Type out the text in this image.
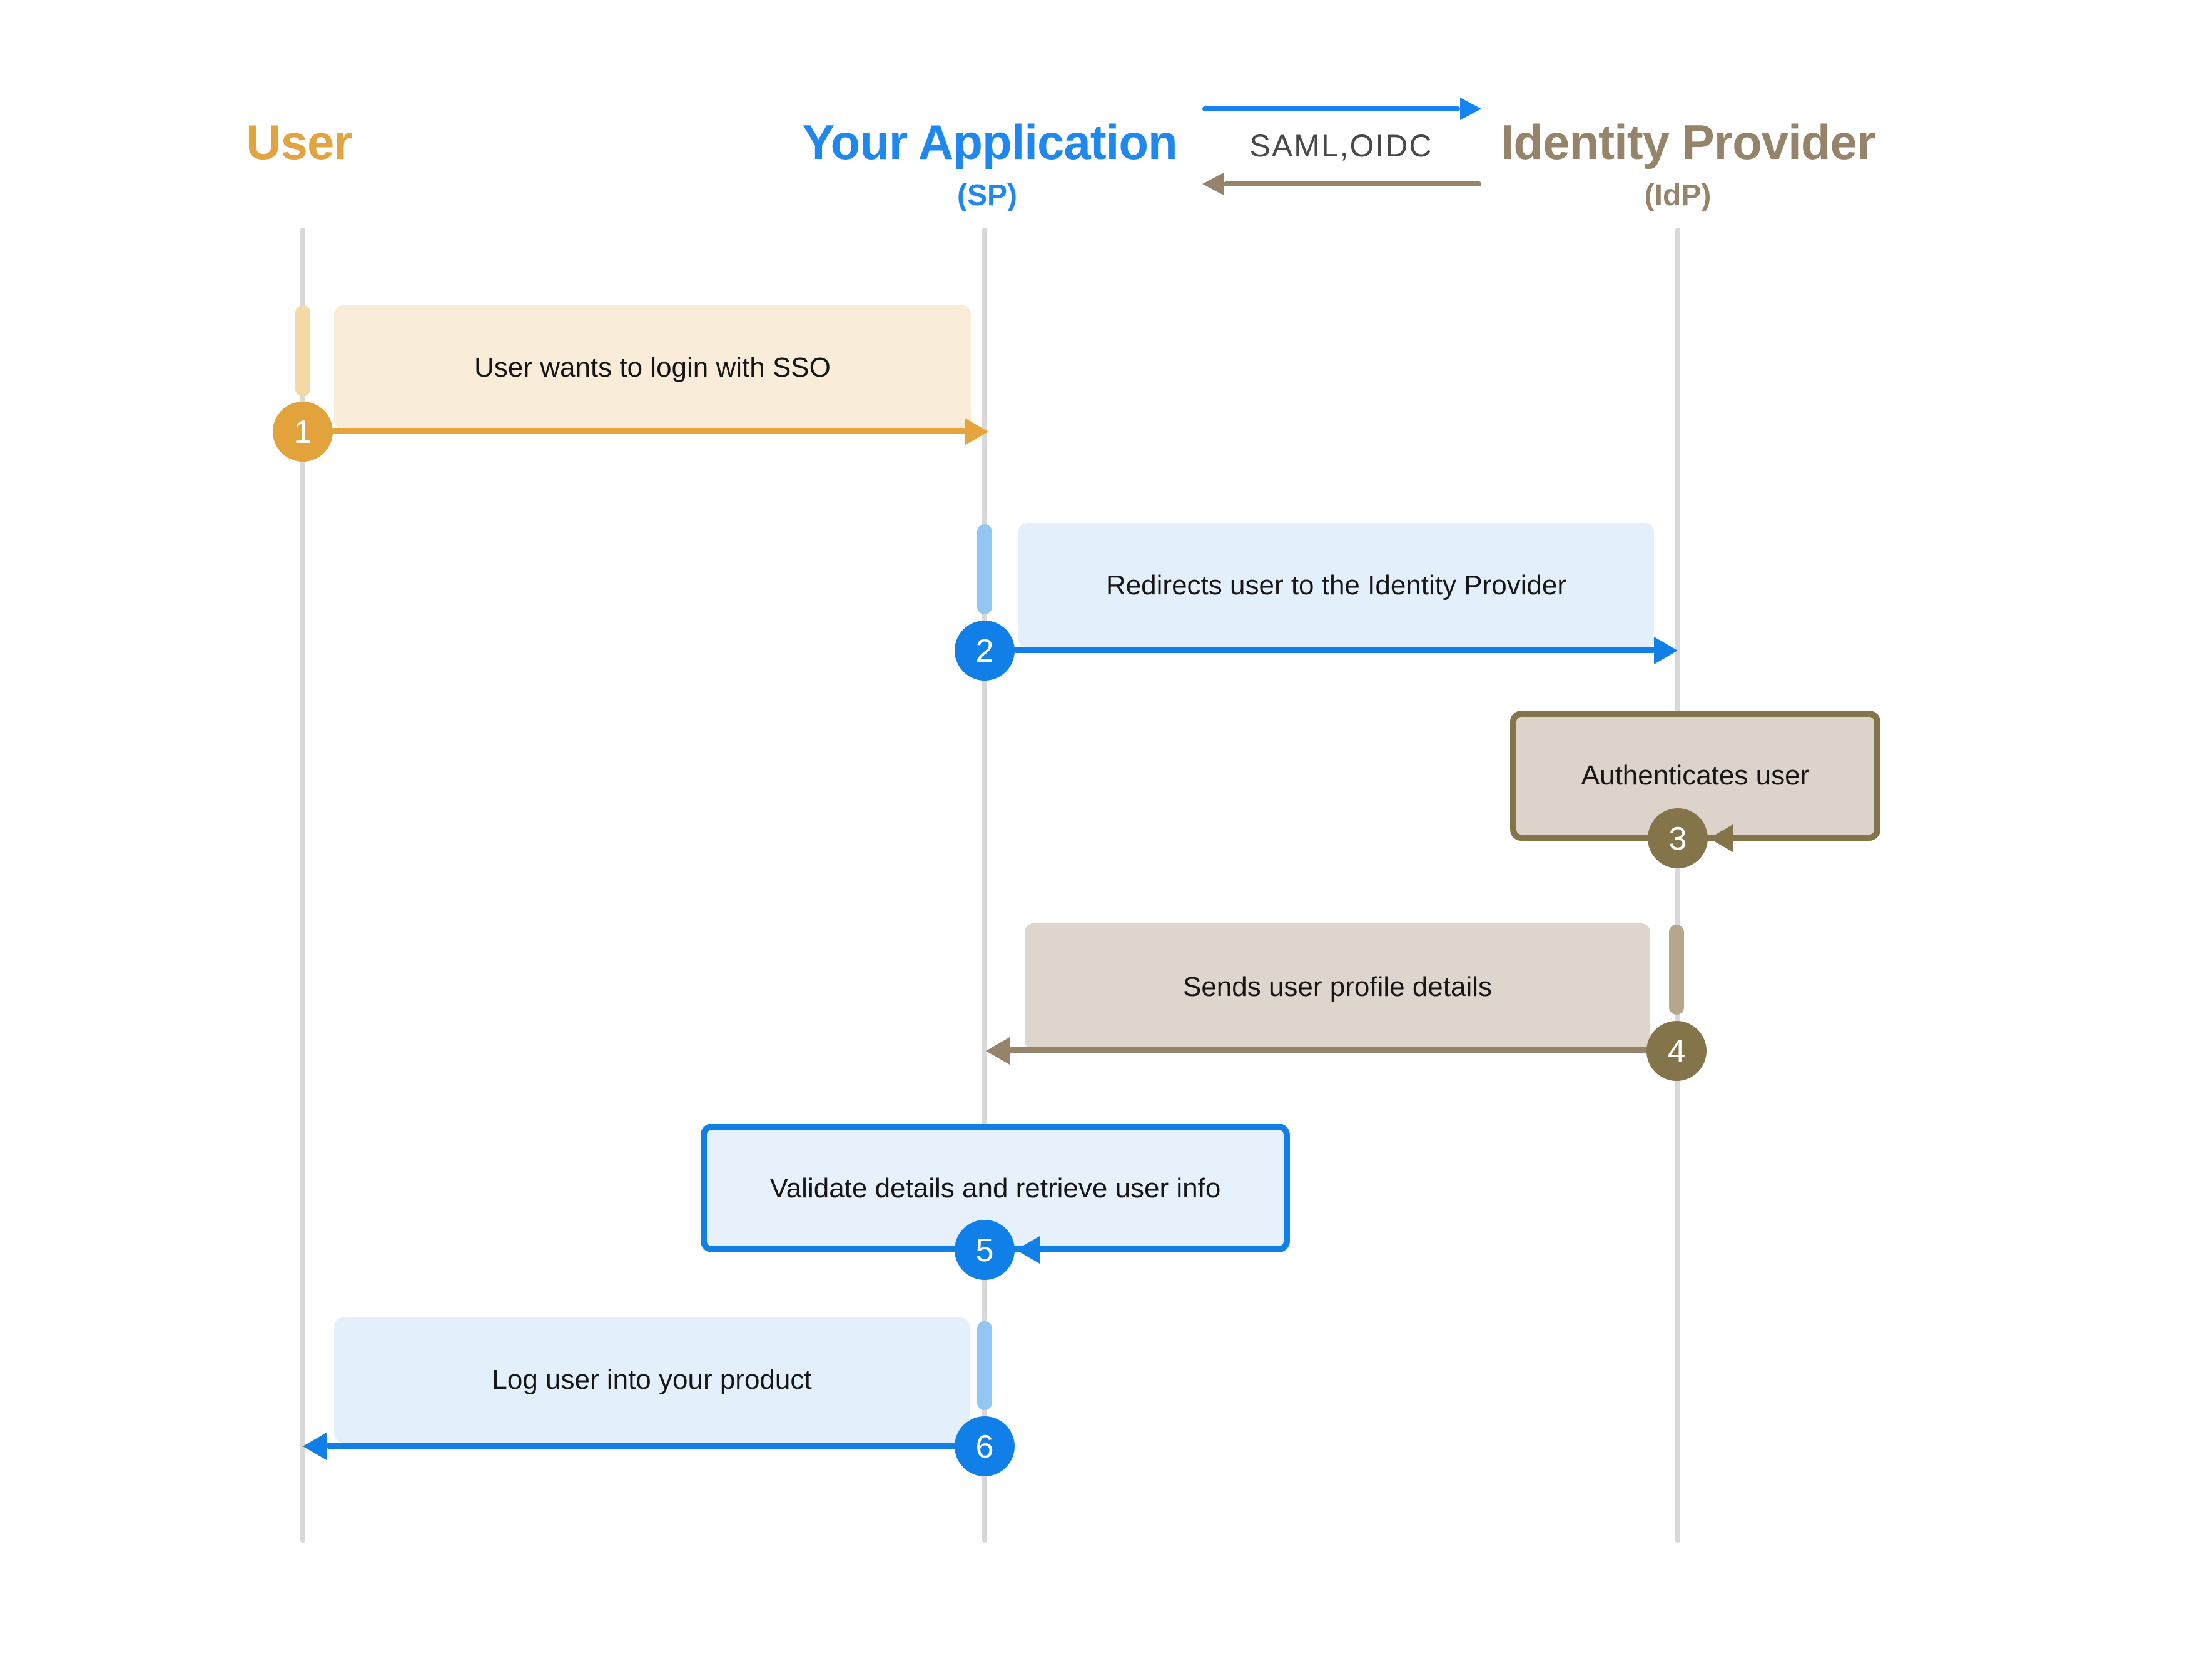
User	Your Application
(SP)
Identity Provider
(IdP)
SAML,OIDC
User wants to login with SSO
1
Redirects user to the Identity Provider
2
Authenticates user
3
Sends user profile details
4
Validate details and retrieve user info
5
Log user into your product
6
